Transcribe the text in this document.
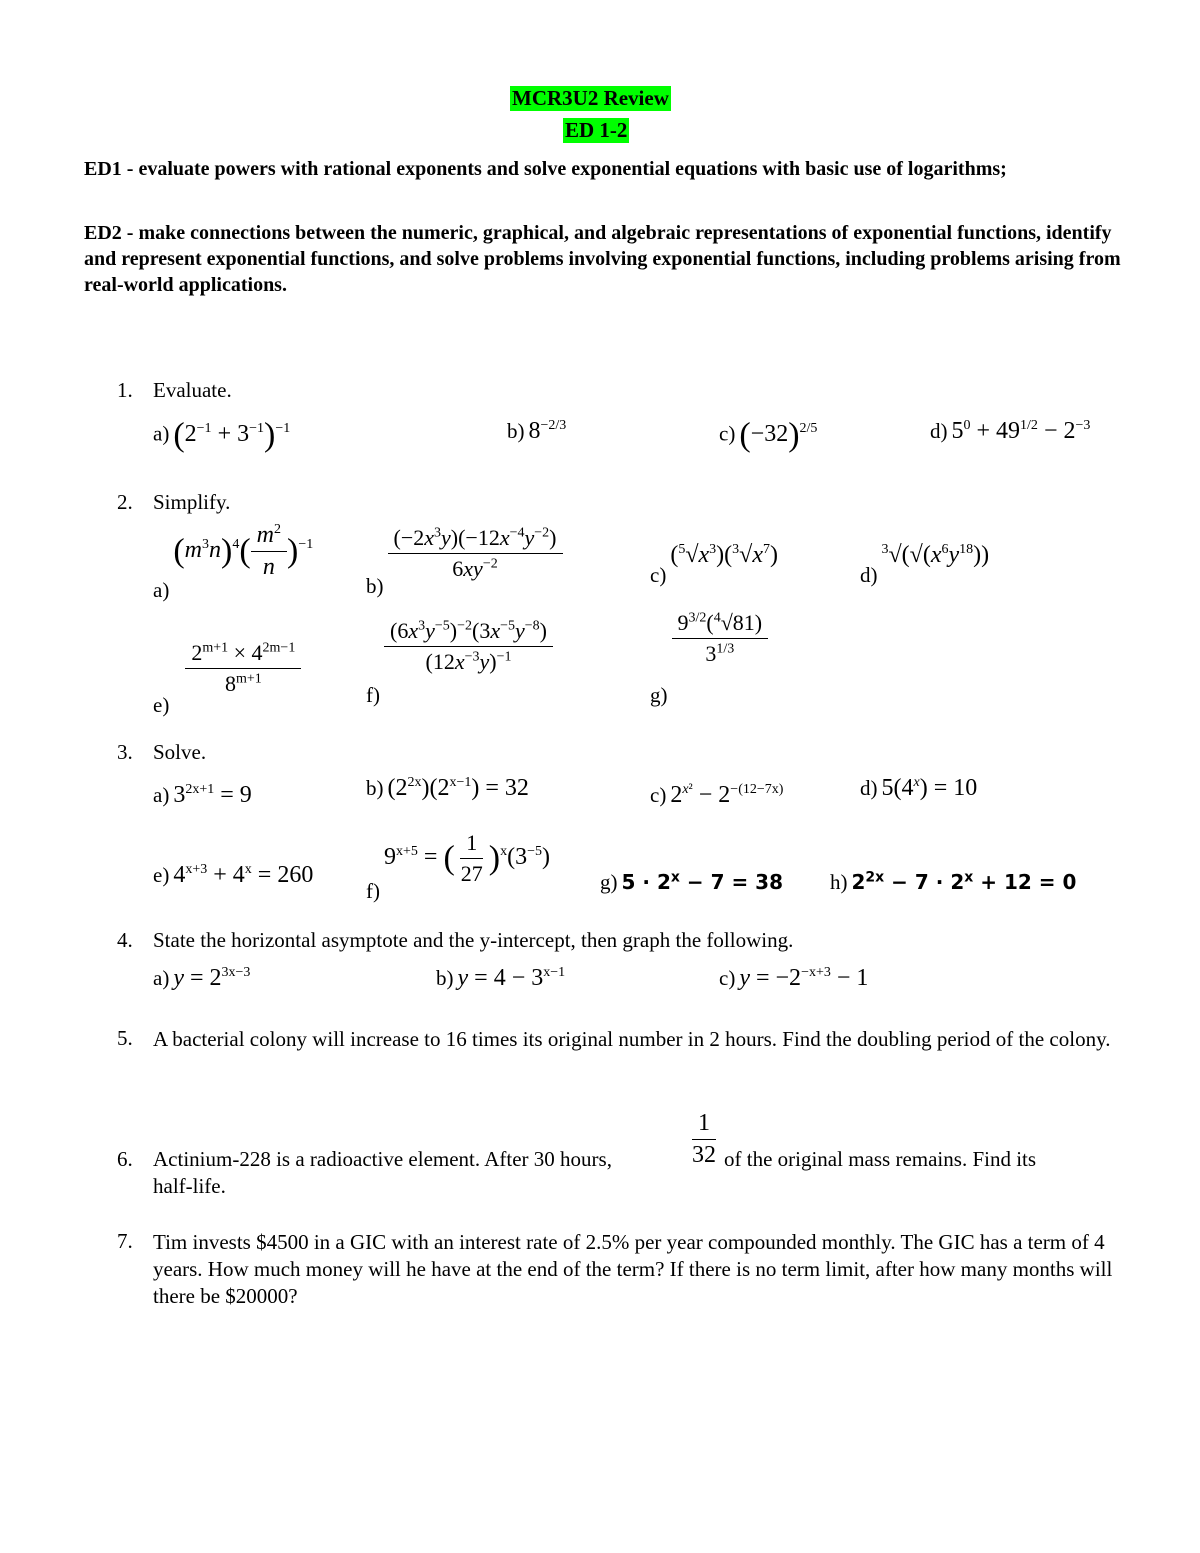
MCR3U2 Review
ED 1-2
ED1 - evaluate powers with rational exponents and solve exponential equations with basic use of logarithms;
ED2 - make connections between the numeric, graphical, and algebraic representations of exponential functions, identify and represent exponential functions, and solve problems involving exponential functions, including problems arising from real-world applications.
1. Evaluate.
a) $(2^{-1} + 3^{-1})^{-1}$	b) $8^{-2/3}$	c) $(-32)^{2/5}$	d) $5^0 + 49^{1/2} - 2^{-3}$
2. Simplify.
a) $(m^3n)^4( \frac{m^2}{n} )^{-1}$
b)
$\frac{(-2x^3y)(-12x^{-4}y^{-2})}{6xy^{-2}}$	c) $(^5√x^3)(^3√x^7)$
d) $^3√(√(x^6y^{18}))$
e)
$\frac{2^{m+1} \times 4^{2m-1}}{8^{m+1}}$	f)
$\frac{(6x^3y^{-5})^{-2}(3x^{-5}y^{-8})}{(12x^{-3}y)^{-1}}$
g)
$\frac{9^{3/2}(^4√81)}{3^{1/3}}$
3. Solve.
a) $3^{2x+1} = 9$	b) $(2^{2x})(2^{x-1}) = 32$	c) $2^{x^2} - 2^{-(12-7x)}$	d) $5(4^x) = 10$
e) $4^{x+3} + 4^x = 260$
f) $9^{x+5}$ = ( $\frac{1}{27} )^x(3^{-5})$
g) $5 \cdot 2^x - 7 = 38$ h) $2^{2x} - 7 \cdot 2^x + 12 = 0$
4. State the horizontal asymptote and the y-intercept, then graph the following.
a) $y = 2^{3x-3}$	b) $y = 4 - 3^{x-1}$	c) $y = -2^{-x+3} - 1$
5. A bacterial colony will increase to 16 times its original number in 2 hours. Find the doubling period of the colony.
6. Actinium-228 is a radioactive element. After 30 hours,	$\frac{1}{32}$ of the original mass remains. Find its
half-life.
7. Tim invests $4500 in a GIC with an interest rate of 2.5% per year compounded monthly. The GIC has a term of 4 years. How much money will he have at the end of the term? If there is no term limit, after how many months will there be $20000?
